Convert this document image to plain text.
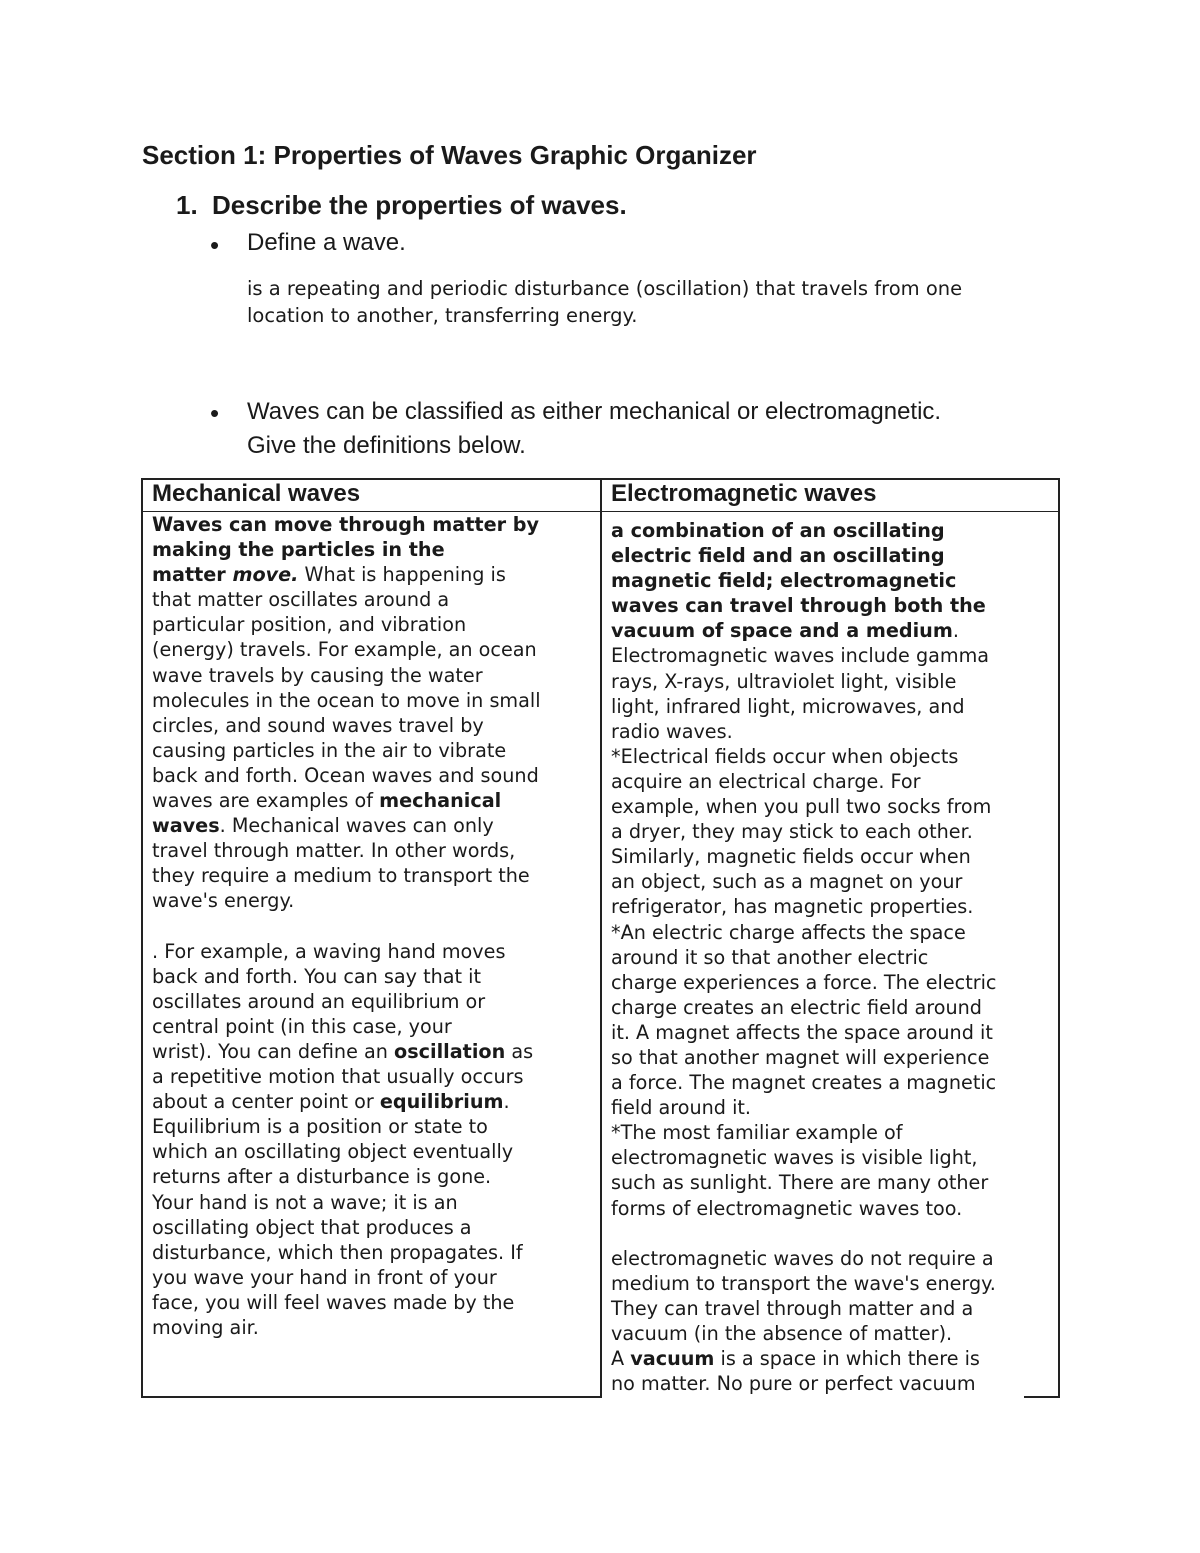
Section 1: Properties of Waves Graphic Organizer
1. Describe the properties of waves.
• Define a wave.
is a repeating and periodic disturbance (oscillation) that travels from one
location to another, transferring energy.
• Waves can be classified as either mechanical or electromagnetic.
Give the definitions below.
Mechanical waves	Electromagnetic waves
Waves can move through matter by
making the particles in the
matter move. What is happening is
that matter oscillates around a
particular position, and vibration
(energy) travels. For example, an ocean
wave travels by causing the water
molecules in the ocean to move in small
circles, and sound waves travel by
causing particles in the air to vibrate
back and forth. Ocean waves and sound
waves are examples of mechanical
waves. Mechanical waves can only
travel through matter. In other words,
they require a medium to transport the
wave's energy.
. For example, a waving hand moves
back and forth. You can say that it
oscillates around an equilibrium or
central point (in this case, your
wrist). You can define an oscillation as
a repetitive motion that usually occurs
about a center point or equilibrium.
Equilibrium is a position or state to
which an oscillating object eventually
returns after a disturbance is gone.
Your hand is not a wave; it is an
oscillating object that produces a
disturbance, which then propagates. If
you wave your hand in front of your
face, you will feel waves made by the
moving air.
a combination of an oscillating
electric field and an oscillating
magnetic field; electromagnetic
waves can travel through both the
vacuum of space and a medium.
Electromagnetic waves include gamma
rays, X-rays, ultraviolet light, visible
light, infrared light, microwaves, and
radio waves.
*Electrical fields occur when objects
acquire an electrical charge. For
example, when you pull two socks from
a dryer, they may stick to each other.
Similarly, magnetic fields occur when
an object, such as a magnet on your
refrigerator, has magnetic properties.
*An electric charge affects the space
around it so that another electric
charge experiences a force. The electric
charge creates an electric field around
it. A magnet affects the space around it
so that another magnet will experience
a force. The magnet creates a magnetic
field around it.
*The most familiar example of
electromagnetic waves is visible light,
such as sunlight. There are many other
forms of electromagnetic waves too.
electromagnetic waves do not require a
medium to transport the wave's energy.
They can travel through matter and a
vacuum (in the absence of matter).
A vacuum is a space in which there is
no matter. No pure or perfect vacuum
